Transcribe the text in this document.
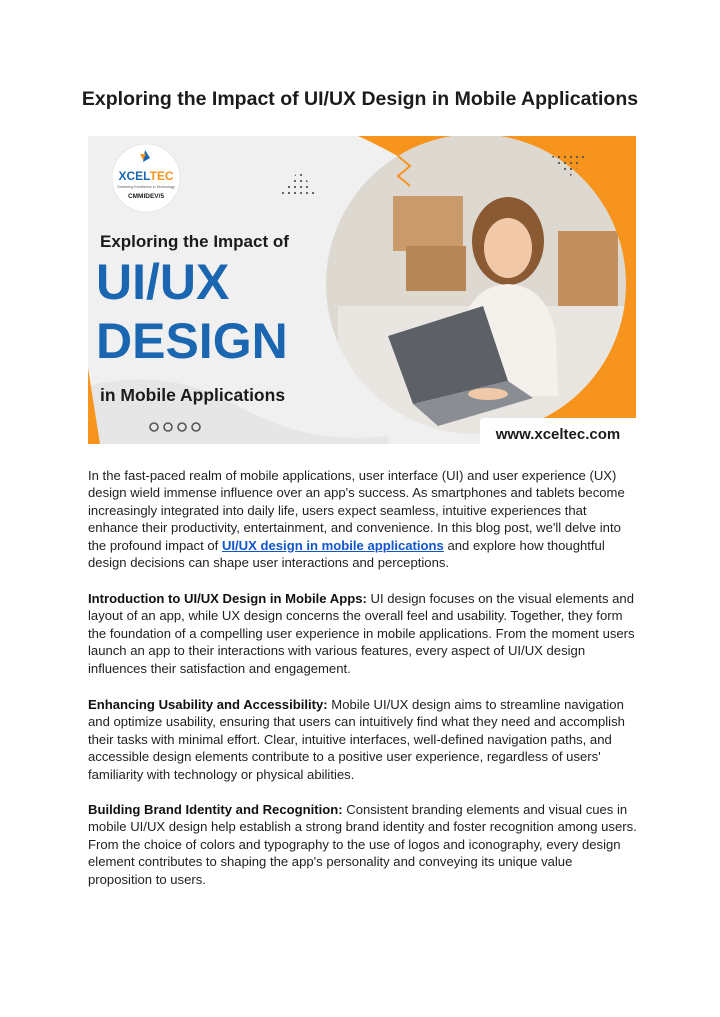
Exploring the Impact of UI/UX Design in Mobile Applications
XCELTEC
Delivering Excellence in Technology
CMMIDEV/5
Exploring the Impact of
UI/UX
DESIGN
in Mobile Applications
www.xceltec.com

In the fast-paced realm of mobile applications, user interface (UI) and user experience (UX) design wield immense influence over an app's success. As smartphones and tablets become increasingly integrated into daily life, users expect seamless, intuitive experiences that enhance their productivity, entertainment, and convenience. In this blog post, we'll delve into the profound impact of UI/UX design in mobile applications and explore how thoughtful design decisions can shape user interactions and perceptions.

Introduction to UI/UX Design in Mobile Apps: UI design focuses on the visual elements and layout of an app, while UX design concerns the overall feel and usability. Together, they form the foundation of a compelling user experience in mobile applications. From the moment users launch an app to their interactions with various features, every aspect of UI/UX design influences their satisfaction and engagement.

Enhancing Usability and Accessibility: Mobile UI/UX design aims to streamline navigation and optimize usability, ensuring that users can intuitively find what they need and accomplish their tasks with minimal effort. Clear, intuitive interfaces, well-defined navigation paths, and accessible design elements contribute to a positive user experience, regardless of users' familiarity with technology or physical abilities.

Building Brand Identity and Recognition: Consistent branding elements and visual cues in mobile UI/UX design help establish a strong brand identity and foster recognition among users. From the choice of colors and typography to the use of logos and iconography, every design element contributes to shaping the app's personality and conveying its unique value proposition to users.
